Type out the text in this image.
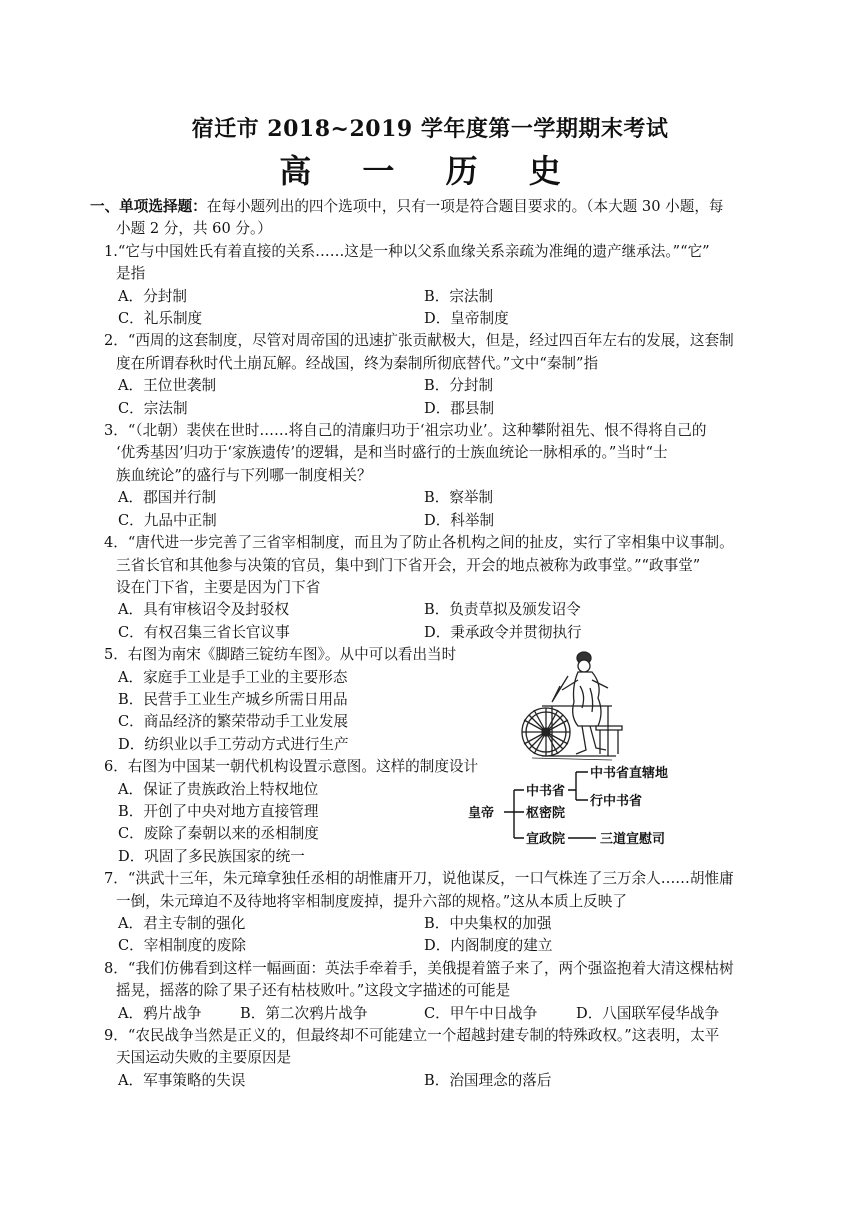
宿迁市 2018~2019 学年度第一学期期末考试
高 一 历 史

一、单项选择题：在每小题列出的四个选项中，只有一项是符合题目要求的。（本大题 30 小题，每

小题 2 分，共 60 分。）

1.“它与中国姓氏有着直接的关系……这是一种以父系血缘关系亲疏为准绳的遗产继承法。”“它”

是指

A．分封制	B．宗法制
C．礼乐制度	D．皇帝制度

2．“西周的这套制度，尽管对周帝国的迅速扩张贡献极大，但是，经过四百年左右的发展，这套制

度在所谓春秋时代土崩瓦解。经战国，终为秦制所彻底替代。”文中“秦制”指

A．王位世袭制	B．分封制
C．宗法制	D．郡县制

3．“（北朝）裴侠在世时……将自己的清廉归功于‘祖宗功业’。这种攀附祖先、恨不得将自己的

‘优秀基因’归功于‘家族遗传’的逻辑，是和当时盛行的士族血统论一脉相承的。”当时“士

族血统论”的盛行与下列哪一制度相关？

A．郡国并行制	B．察举制
C．九品中正制	D．科举制

4．“唐代进一步完善了三省宰相制度，而且为了防止各机构之间的扯皮，实行了宰相集中议事制。

三省长官和其他参与决策的官员，集中到门下省开会，开会的地点被称为政事堂。”“政事堂”

设在门下省，主要是因为门下省

A．具有审核诏令及封驳权	B．负责草拟及颁发诏令
C．有权召集三省长官议事	D．秉承政令并贯彻执行

5．右图为南宋《脚踏三锭纺车图》。从中可以看出当时

A．家庭手工业是手工业的主要形态
B．民营手工业生产城乡所需日用品
C．商品经济的繁荣带动手工业发展
D．纺织业以手工劳动方式进行生产

6．右图为中国某一朝代机构设置示意图。这样的制度设计

A．保证了贵族政治上特权地位
B．开创了中央对地方直接管理
C．废除了秦朝以来的丞相制度
D．巩固了多民族国家的统一
皇帝
中书省
中书省直辖地
行中书省
枢密院
宣政院	三道宣慰司

7．“洪武十三年，朱元璋拿独任丞相的胡惟庸开刀，说他谋反，一口气株连了三万余人……胡惟庸

一倒，朱元璋迫不及待地将宰相制度废掉，提升六部的规格。”这从本质上反映了

A．君主专制的强化	B．中央集权的加强
C．宰相制度的废除	D．内阁制度的建立

8．“我们仿佛看到这样一幅画面：英法手牵着手，美俄提着篮子来了，两个强盗抱着大清这棵枯树

摇晃，摇落的除了果子还有枯枝败叶。”这段文字描述的可能是

A．鸦片战争	B．第二次鸦片战争	C．甲午中日战争	D．八国联军侵华战争

9．“农民战争当然是正义的，但最终却不可能建立一个超越封建专制的特殊政权。”这表明，太平

天国运动失败的主要原因是

A．军事策略的失误	B．治国理念的落后
